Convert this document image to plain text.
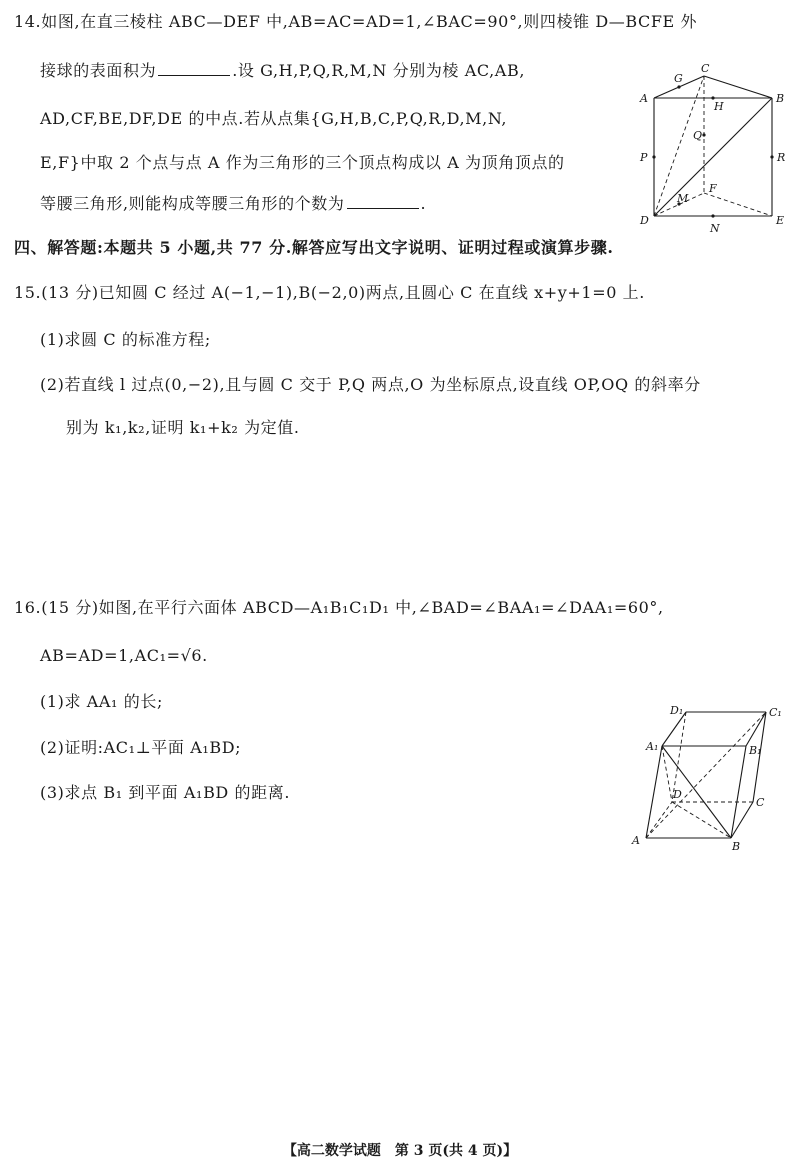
14.如图,在直三棱柱 ABC—DEF 中,AB=AC=AD=1,∠BAC=90°,则四棱锥 D—BCFE 外
接球的表面积为	.设 G,H,P,Q,R,M,N 分别为棱 AC,AB,
AD,CF,BE,DF,DE 的中点.若从点集{G,H,B,C,P,Q,R,D,M,N,
E,F}中取 2 个点与点 A 作为三角形的三个顶点构成以 A 为顶角顶点的
等腰三角形,则能构成等腰三角形的个数为	.
G
C
A
H
B
Q
P	R
F
M
D
N
E
四、解答题:本题共 5 小题,共 77 分.解答应写出文字说明、证明过程或演算步骤.
15.(13 分)已知圆 C 经过 A(−1,−1),B(−2,0)两点,且圆心 C 在直线 x+y+1=0 上.
(1)求圆 C 的标准方程;
(2)若直线 l 过点(0,−2),且与圆 C 交于 P,Q 两点,O 为坐标原点,设直线 OP,OQ 的斜率分
别为 k₁,k₂,证明 k₁+k₂ 为定值.
16.(15 分)如图,在平行六面体 ABCD—A₁B₁C₁D₁ 中,∠BAD=∠BAA₁=∠DAA₁=60°,
AB=AD=1,AC₁=√6.
(1)求 AA₁ 的长;
(2)证明:AC₁⊥平面 A₁BD;
(3)求点 B₁ 到平面 A₁BD 的距离.
D₁	C₁
A₁	B₁
D
C
A	B
【高二数学试题　第 3 页(共 4 页)】
